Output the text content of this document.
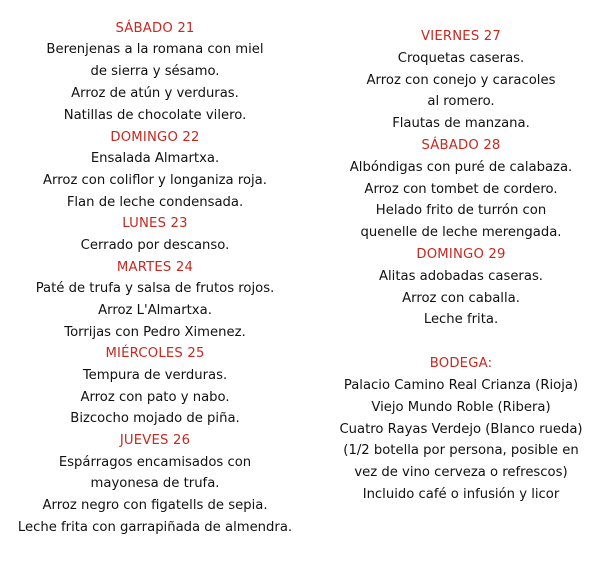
SÁBADO 21
Berenjenas a la romana con miel
de sierra y sésamo.
Arroz de atún y verduras.
Natillas de chocolate vilero.
DOMINGO 22
Ensalada Almartxa.
Arroz con coliflor y longaniza roja.
Flan de leche condensada.
LUNES 23
Cerrado por descanso.
MARTES 24
Paté de trufa y salsa de frutos rojos.
Arroz L'Almartxa.
Torrijas con Pedro Ximenez.
MIÉRCOLES 25
Tempura de verduras.
Arroz con pato y nabo.
Bizcocho mojado de piña.
JUEVES 26
Espárragos encamisados con
mayonesa de trufa.
Arroz negro con figatells de sepia.
Leche frita con garrapiñada de almendra.
VIERNES 27
Croquetas caseras.
Arroz con conejo y caracoles
al romero.
Flautas de manzana.
SÁBADO 28
Albóndigas con puré de calabaza.
Arroz con tombet de cordero.
Helado frito de turrón con
quenelle de leche merengada.
DOMINGO 29
Alitas adobadas caseras.
Arroz con caballa.
Leche frita.
BODEGA:
Palacio Camino Real Crianza (Rioja)
Viejo Mundo Roble (Ribera)
Cuatro Rayas Verdejo (Blanco rueda)
(1/2 botella por persona, posible en
vez de vino cerveza o refrescos)
Incluido café o infusión y licor
